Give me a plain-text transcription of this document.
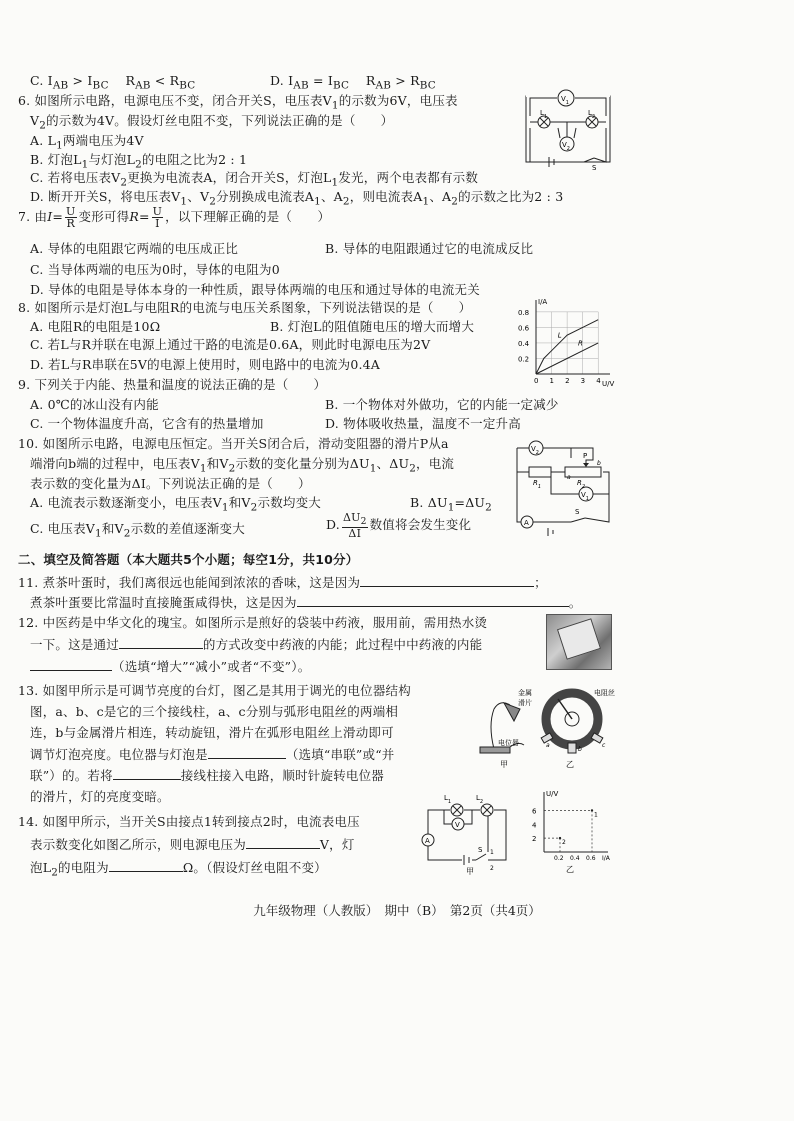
C. $I_{AB} > I_{BC}$    $R_{AB} < R_{BC}$	D. $I_{AB} = I_{BC}$    $R_{AB} > R_{BC}$
6. 如图所示电路，电源电压不变，闭合开关S，电压表$V_1$的示数为6V，电压表
$V_2$的示数为4V。假设灯丝电阻不变，下列说法正确的是（      ）
A. $L_1$两端电压为4V
B. 灯泡$L_1$与灯泡$L_2$的电阻之比为2 : 1
C. 若将电压表$V_2$更换为电流表A，闭合开关S，灯泡$L_1$发光，两个电表都有示数
D. 断开开关S，将电压表$V_1$、$V_2$分别换成电流表$A_1$、$A_2$，则电流表$A_1$、$A_2$的示数之比为2 : 3
$V_1$
$L_1$	$L_2$
$V_2$
S
7. 由$I= \frac{U}{R}$ 变形可得$R= \frac{U}{I}$ ，以下理解正确的是（　　）
A. 导体的电阻跟它两端的电压成正比	B. 导体的电阻跟通过它的电流成反比
C. 当导体两端的电压为0时，导体的电阻为0
D. 导体的电阻是导体本身的一种性质，跟导体两端的电压和通过导体的电流无关
8. 如图所示是灯泡L与电阻R的电流与电压关系图象，下列说法错误的是（      ）
A. 电阻R的电阻是10Ω	B. 灯泡L的阻值随电压的增大而增大
C. 若L与R并联在电源上通过干路的电流是0.6A，则此时电源电压为2V
D. 若L与R串联在5V的电源上使用时，则电路中的电流为0.4A
I/A
U/V
0 1 2 3 4
0.2
0.4
0.6
0.8
L
R
9. 下列关于内能、热量和温度的说法正确的是（      ）
A. 0℃的冰山没有内能	B. 一个物体对外做功，它的内能一定减少
C. 一个物体温度升高，它含有的热量增加	D. 物体吸收热量，温度不一定升高
10. 如图所示电路，电源电压恒定。当开关S闭合后，滑动变阻器的滑片P从a
端滑向b端的过程中，电压表$V_1$和$V_2$示数的变化量分别为$\Delta U_1$、$\Delta U_2$，电流
表示数的变化量为ΔI。下列说法正确的是（      ）
A. 电流表示数逐渐变小，电压表$V_1$和$V_2$示数均变大	B. $\Delta U_1=\Delta U_2$
C. 电压表$V_1$和$V_2$示数的差值逐渐变大	D. $\frac{\Delta U_2}{\Delta I}$ 数值将会发生变化
$V_2$
$V_1$
A
P
$R_1$	$R_2$
a
b
S
二、填空及简答题（本大题共5个小题；每空1分，共10分）
11. 煮茶叶蛋时，我们离很远也能闻到浓浓的香味，这是因为	；
煮茶叶蛋要比常温时直接腌蛋咸得快，这是因为	。
12. 中医药是中华文化的瑰宝。如图所示是煎好的袋装中药液，服用前，需用热水烫
一下。这是通过	的方式改变中药液的内能；此过程中中药液的内能
（选填“增大”“减小”或者“不变”）。
13. 如图甲所示是可调节亮度的台灯，图乙是其用于调光的电位器结构
图，a、b、c是它的三个接线柱，a、c分别与弧形电阻丝的两端相
连，b与金属滑片相连，转动旋钮，滑片在弧形电阻丝上滑动即可
调节灯泡亮度。电位器与灯泡是	（选填“串联”或“并
联”）的。若将	接线柱接入电路，顺时针旋转电位器
的滑片，灯的亮度变暗。
金属
滑片
电阻丝
电位器
甲	乙
a
b
c
14. 如图甲所示，当开关S由接点1转到接点2时，电流表电压
表示数变化如图乙所示，则电源电压为	V，灯
泡$L_2$的电阻为	Ω。（假设灯丝电阻不变）
$L_1$	$L_2$
V
A
S 1
2
甲
U/V
I/A
2
4
6
0.2 0.4 0.6
1
2
乙
九年级物理（人教版）　期中（B）　第2页（共4页）
